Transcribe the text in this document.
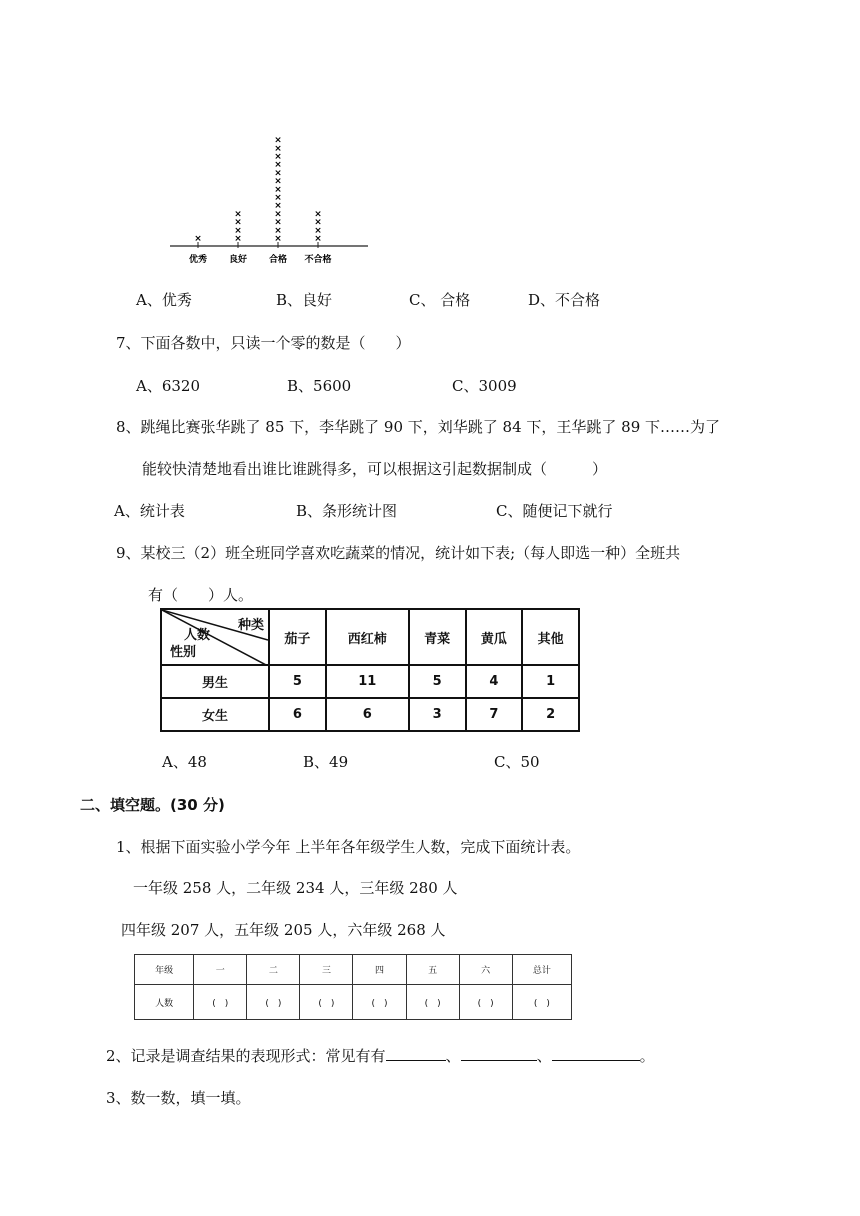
×
优秀
×
×
×
×
良好
×
×
×
×
×
×
×
×
×
×
×
×
×
合格
×
×
×
×
不合格
A、优秀	B、良好	C、 合格	D、不合格
7、下面各数中，只读一个零的数是（　　）
A、6320	B、5600	C、3009
8、跳绳比赛张华跳了 85 下，李华跳了 90 下，刘华跳了 84 下，王华跳了 89 下……为了
能较快清楚地看出谁比谁跳得多，可以根据这引起数据制成（　　　）
A、统计表	B、条形统计图	C、随便记下就行
9、某校三（2）班全班同学喜欢吃蔬菜的情况，统计如下表;（每人即选一种）全班共
有（　　）人。
种类
人数
性别	茄子	西红柿	青菜	黄瓜	其他
男生	5	11	5	4	1
女生	6	6	3	7	2
A、48	B、49	C、50
二、填空题。(30 分)
1、根据下面实验小学今年 上半年各年级学生人数，完成下面统计表。
一年级 258 人，二年级 234 人，三年级 280 人
四年级 207 人，五年级 205 人，六年级 268 人
年级	一	二	三	四	五	六	总计
人数	(　)	(　)	(　)	(　)	(　)	(　)	(　)
2、记录是调查结果的表现形式：常见有有	、	、	。
3、数一数，填一填。
